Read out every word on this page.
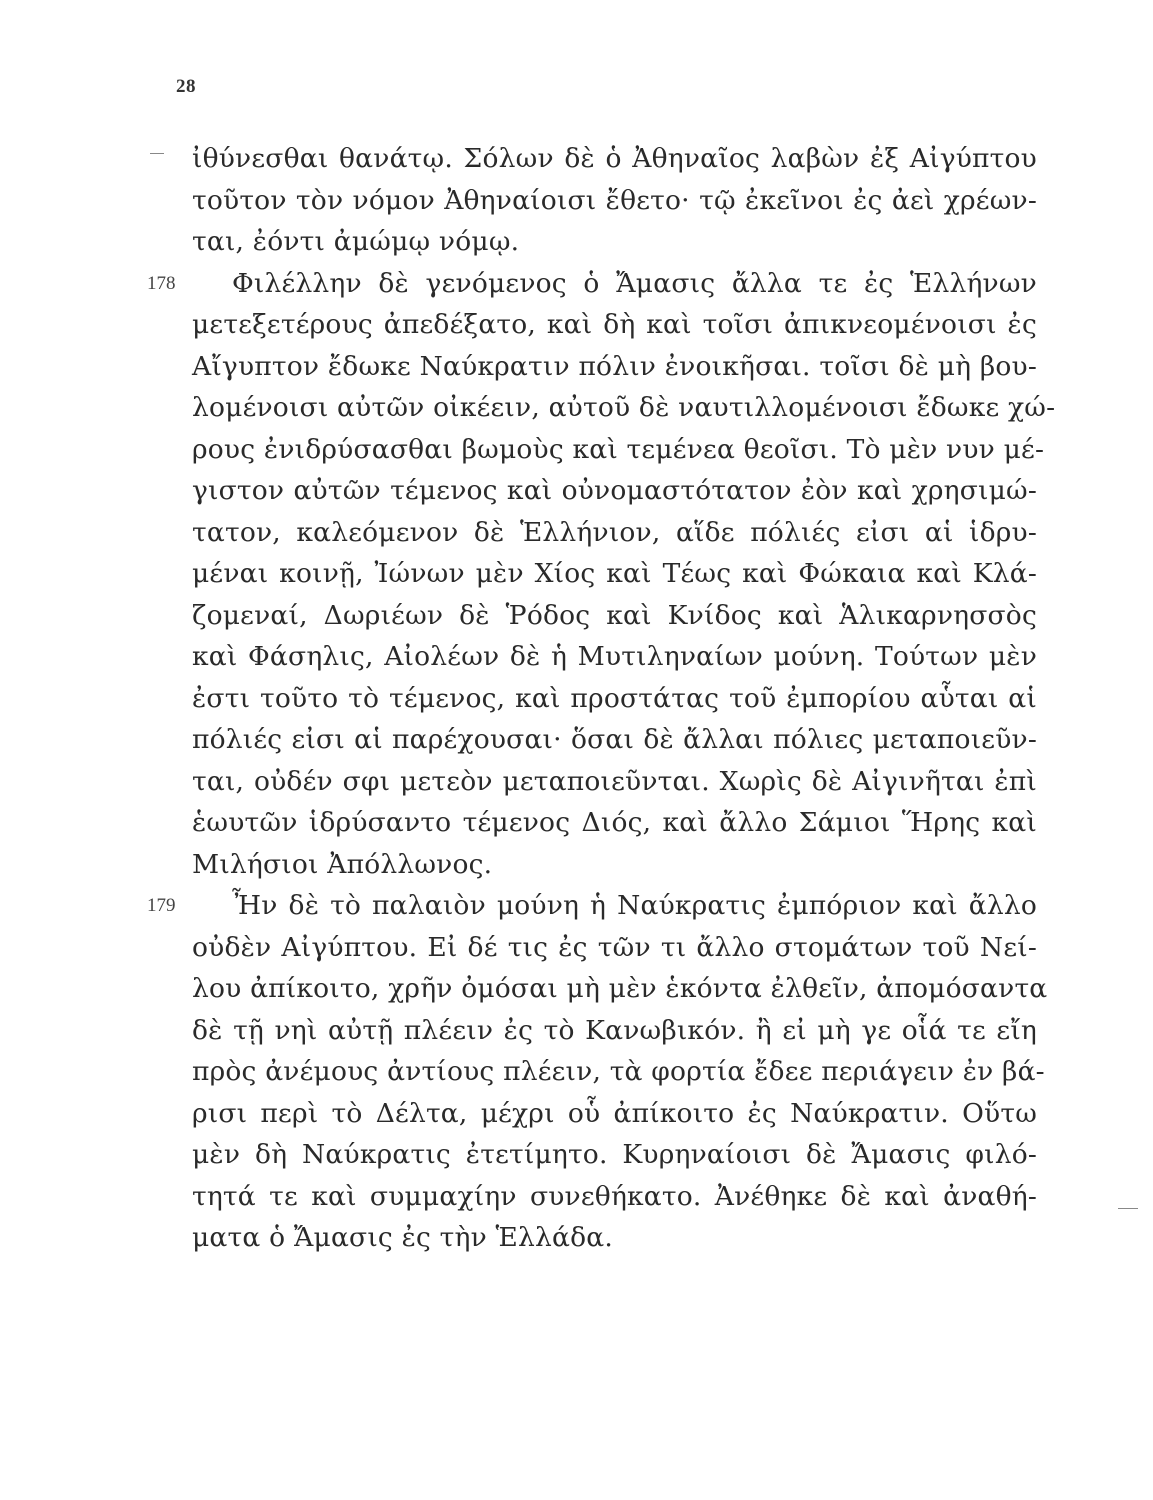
28
ἰθύνεσθαι θανάτῳ. Σόλων δὲ ὁ Ἀθηναῖος λαβὼν ἐξ Αἰγύπτου
τοῦτον τὸν νόμον Ἀθηναίοισι ἔθετο· τῷ ἐκεῖνοι ἐς ἀεὶ χρέων-
ται, ἐόντι ἀμώμῳ νόμῳ.
178	Φιλέλλην δὲ γενόμενος ὁ Ἄμασις ἄλλα τε ἐς Ἑλλήνων
μετεξετέρους ἀπεδέξατο, καὶ δὴ καὶ τοῖσι ἀπικνεομένοισι ἐς
Αἴγυπτον ἔδωκε Ναύκρατιν πόλιν ἐνοικῆσαι. τοῖσι δὲ μὴ βου-
λομένοισι αὐτῶν οἰκέειν, αὐτοῦ δὲ ναυτιλλομένοισι ἔδωκε χώ-
ρους ἐνιδρύσασθαι βωμοὺς καὶ τεμένεα θεοῖσι. Τὸ μὲν νυν μέ-
γιστον αὐτῶν τέμενος καὶ οὐνομαστότατον ἐὸν καὶ χρησιμώ-
τατον, καλεόμενον δὲ Ἑλλήνιον, αἵδε πόλιές εἰσι αἱ ἱδρυ-
μέναι κοινῇ, Ἰώνων μὲν Χίος καὶ Τέως καὶ Φώκαια καὶ Κλά-
ζομεναί, Δωριέων δὲ Ῥόδος καὶ Κνίδος καὶ Ἁλικαρνησσὸς
καὶ Φάσηλις, Αἰολέων δὲ ἡ Μυτιληναίων μούνη. Τούτων μὲν
ἐστι τοῦτο τὸ τέμενος, καὶ προστάτας τοῦ ἐμπορίου αὗται αἱ
πόλιές εἰσι αἱ παρέχουσαι· ὅσαι δὲ ἄλλαι πόλιες μεταποιεῦν-
ται, οὐδέν σφι μετεὸν μεταποιεῦνται. Χωρὶς δὲ Αἰγινῆται ἐπὶ
ἑωυτῶν ἱδρύσαντο τέμενος Διός, καὶ ἄλλο Σάμιοι Ἥρης καὶ
Μιλήσιοι Ἀπόλλωνος.
179	Ἦν δὲ τὸ παλαιὸν μούνη ἡ Ναύκρατις ἐμπόριον καὶ ἄλλο
οὐδὲν Αἰγύπτου. Εἰ δέ τις ἐς τῶν τι ἄλλο στομάτων τοῦ Νεί-
λου ἀπίκοιτο, χρῆν ὀμόσαι μὴ μὲν ἑκόντα ἐλθεῖν, ἀπομόσαντα
δὲ τῇ νηὶ αὐτῇ πλέειν ἐς τὸ Κανωβικόν. ἢ εἰ μὴ γε οἷά τε εἴη
πρὸς ἀνέμους ἀντίους πλέειν, τὰ φορτία ἔδεε περιάγειν ἐν βά-
ρισι περὶ τὸ Δέλτα, μέχρι οὗ ἀπίκοιτο ἐς Ναύκρατιν. Οὕτω
μὲν δὴ Ναύκρατις ἐτετίμητο. Κυρηναίοισι δὲ Ἄμασις φιλό-
τητά τε καὶ συμμαχίην συνεθήκατο. Ἀνέθηκε δὲ καὶ ἀναθή-
ματα ὁ Ἄμασις ἐς τὴν Ἑλλάδα.
